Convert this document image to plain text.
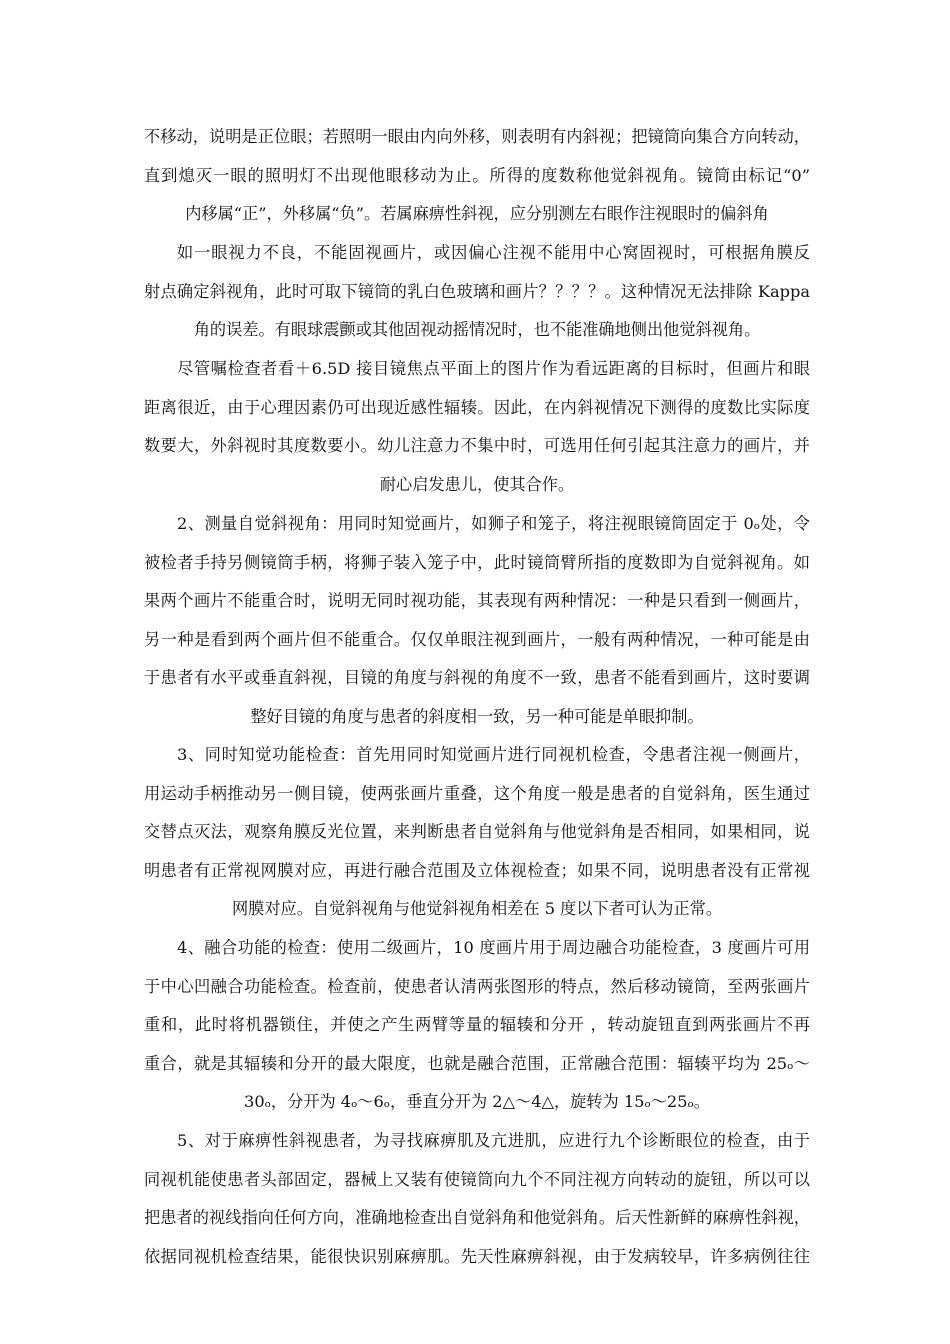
不移动，说明是正位眼；若照明一眼由内向外移，则表明有内斜视；把镜筒向集合方向转动，
直到熄灭一眼的照明灯不出现他眼移动为止。所得的度数称他觉斜视角。镜筒由标记“0”
内移属“正”，外移属“负”。若属麻痹性斜视，应分别测左右眼作注视眼时的偏斜角
如一眼视力不良，不能固视画片，或因偏心注视不能用中心窝固视时，可根据角膜反
射点确定斜视角，此时可取下镜筒的乳白色玻璃和画片？？？？。这种情况无法排除 Kappa
角的误差。有眼球震颤或其他固视动摇情况时，也不能准确地侧出他觉斜视角。
尽管嘱检查者看＋6.5D 接目镜焦点平面上的图片作为看远距离的目标时，但画片和眼
距离很近，由于心理因素仍可出现近感性辐辏。因此，在内斜视情况下测得的度数比实际度
数要大，外斜视时其度数要小。幼儿注意力不集中时，可选用任何引起其注意力的画片，并
耐心启发患儿，使其合作。
2、测量自觉斜视角：用同时知觉画片，如狮子和笼子，将注视眼镜筒固定于 0ₒ处，令
被检者手持另侧镜筒手柄，将狮子装入笼子中，此时镜筒臂所指的度数即为自觉斜视角。如
果两个画片不能重合时，说明无同时视功能，其表现有两种情况：一种是只看到一侧画片，
另一种是看到两个画片但不能重合。仅仅单眼注视到画片，一般有两种情况，一种可能是由
于患者有水平或垂直斜视，目镜的角度与斜视的角度不一致，患者不能看到画片，这时要调
整好目镜的角度与患者的斜度相一致，另一种可能是单眼抑制。
3、同时知觉功能检查：首先用同时知觉画片进行同视机检查，令患者注视一侧画片，
用运动手柄推动另一侧目镜，使两张画片重叠，这个角度一般是患者的自觉斜角，医生通过
交替点灭法，观察角膜反光位置，来判断患者自觉斜角与他觉斜角是否相同，如果相同，说
明患者有正常视网膜对应，再进行融合范围及立体视检查；如果不同，说明患者没有正常视
网膜对应。自觉斜视角与他觉斜视角相差在 5 度以下者可认为正常。
4、融合功能的检查：使用二级画片，10 度画片用于周边融合功能检查，3 度画片可用
于中心凹融合功能检查。检查前，使患者认清两张图形的特点，然后移动镜筒，至两张画片
重和，此时将机器锁住，并使之产生两臂等量的辐辏和分开 ，转动旋钮直到两张画片不再
重合，就是其辐辏和分开的最大限度，也就是融合范围，正常融合范围：辐辏平均为 25ₒ～
30ₒ，分开为 4ₒ～6ₒ，垂直分开为 2△～4△，旋转为 15ₒ～25ₒ。
5、对于麻痹性斜视患者，为寻找麻痹肌及亢进肌，应进行九个诊断眼位的检查，由于
同视机能使患者头部固定，器械上又装有使镜筒向九个不同注视方向转动的旋钮，所以可以
把患者的视线指向任何方向，准确地检查出自觉斜角和他觉斜角。后天性新鲜的麻痹性斜视，
依据同视机检查结果，能很快识别麻痹肌。先天性麻痹斜视，由于发病较早，许多病例往往
